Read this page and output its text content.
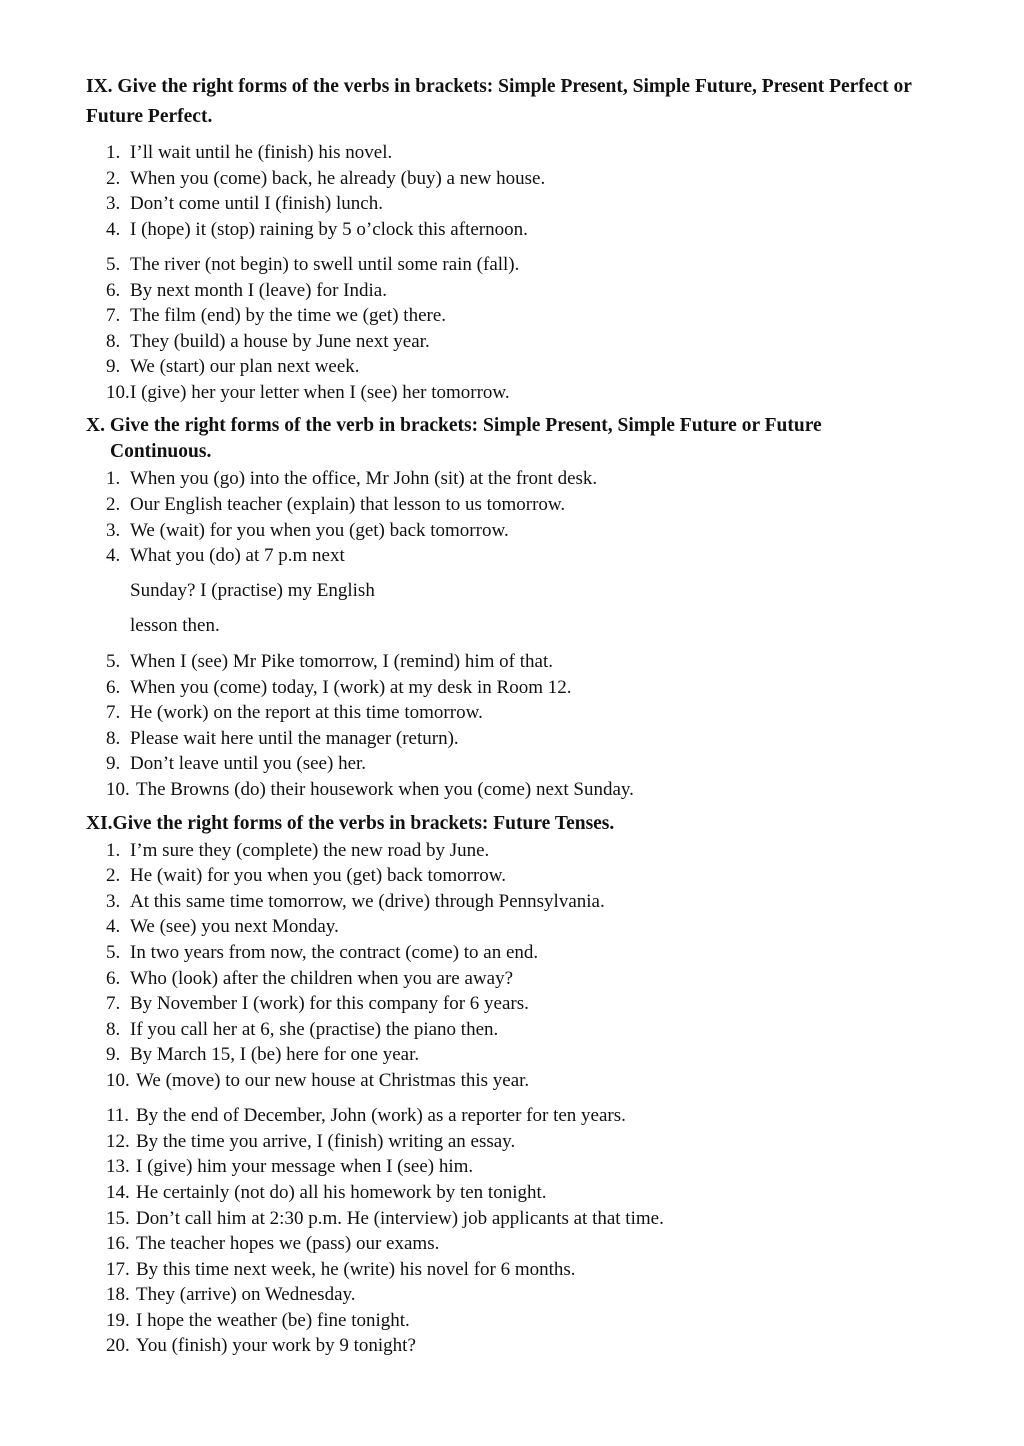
IX. Give the right forms of the verbs in brackets: Simple Present, Simple Future, Present Perfect or Future Perfect.
1. I’ll wait until he (finish) his novel.
2. When you (come) back, he already (buy) a new house.
3. Don’t come until I (finish) lunch.
4. I (hope) it (stop) raining by 5 o’clock this afternoon.
5. The river (not begin) to swell until some rain (fall).
6. By next month I (leave) for India.
7. The film (end) by the time we (get) there.
8. They (build) a house by June next year.
9. We (start) our plan next week.
10.I (give) her your letter when I (see) her tomorrow.
X. Give the right forms of the verb in brackets: Simple Present, Simple Future or Future
Continuous.
1. When you (go) into the office, Mr John (sit) at the front desk.
2. Our English teacher (explain) that lesson to us tomorrow.
3. We (wait) for you when you (get) back tomorrow.
4. What you (do) at 7 p.m next
Sunday? I (practise) my English
lesson then.
5. When I (see) Mr Pike tomorrow, I (remind) him of that.
6. When you (come) today, I (work) at my desk in Room 12.
7. He (work) on the report at this time tomorrow.
8. Please wait here until the manager (return).
9. Don’t leave until you (see) her.
10. The Browns (do) their housework when you (come) next Sunday.
XI.Give the right forms of the verbs in brackets: Future Tenses.
1. I’m sure they (complete) the new road by June.
2. He (wait) for you when you (get) back tomorrow.
3. At this same time tomorrow, we (drive) through Pennsylvania.
4. We (see) you next Monday.
5. In two years from now, the contract (come) to an end.
6. Who (look) after the children when you are away?
7. By November I (work) for this company for 6 years.
8. If you call her at 6, she (practise) the piano then.
9. By March 15, I (be) here for one year.
10. We (move) to our new house at Christmas this year.
11. By the end of December, John (work) as a reporter for ten years.
12. By the time you arrive, I (finish) writing an essay.
13. I (give) him your message when I (see) him.
14. He certainly (not do) all his homework by ten tonight.
15. Don’t call him at 2:30 p.m. He (interview) job applicants at that time.
16. The teacher hopes we (pass) our exams.
17. By this time next week, he (write) his novel for 6 months.
18. They (arrive) on Wednesday.
19. I hope the weather (be) fine tonight.
20. You (finish) your work by 9 tonight?
